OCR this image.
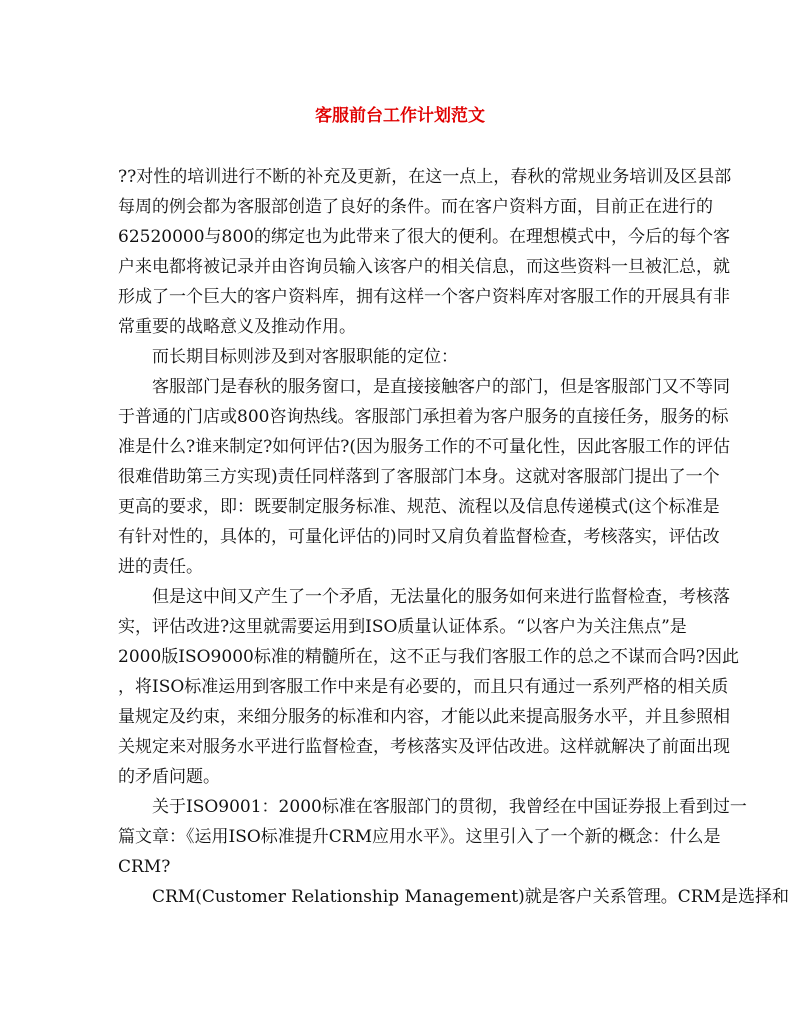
客服前台工作计划范文
??对性的培训进行不断的补充及更新，在这一点上，春秋的常规业务培训及区县部
每周的例会都为客服部创造了良好的条件。而在客户资料方面，目前正在进行的
62520000与800的绑定也为此带来了很大的便利。在理想模式中，今后的每个客
户来电都将被记录并由咨询员输入该客户的相关信息，而这些资料一旦被汇总，就
形成了一个巨大的客户资料库，拥有这样一个客户资料库对客服工作的开展具有非
常重要的战略意义及推动作用。
而长期目标则涉及到对客服职能的定位：
客服部门是春秋的服务窗口，是直接接触客户的部门，但是客服部门又不等同
于普通的门店或800咨询热线。客服部门承担着为客户服务的直接任务，服务的标
准是什么?谁来制定?如何评估?(因为服务工作的不可量化性，因此客服工作的评估
很难借助第三方实现)责任同样落到了客服部门本身。这就对客服部门提出了一个
更高的要求，即：既要制定服务标准、规范、流程以及信息传递模式(这个标准是
有针对性的，具体的，可量化评估的)同时又肩负着监督检查，考核落实，评估改
进的责任。
但是这中间又产生了一个矛盾，无法量化的服务如何来进行监督检查，考核落
实，评估改进?这里就需要运用到ISO质量认证体系。“以客户为关注焦点”是
2000版ISO9000标准的精髓所在，这不正与我们客服工作的总之不谋而合吗?因此
，将ISO标准运用到客服工作中来是有必要的，而且只有通过一系列严格的相关质
量规定及约束，来细分服务的标准和内容，才能以此来提高服务水平，并且参照相
关规定来对服务水平进行监督检查，考核落实及评估改进。这样就解决了前面出现
的矛盾问题。
关于ISO9001：2000标准在客服部门的贯彻，我曾经在中国证券报上看到过一
篇文章：《运用ISO标准提升CRM应用水平》。这里引入了一个新的概念：什么是
CRM?
CRM(Customer Relationship Management)就是客户关系管理。CRM是选择和
